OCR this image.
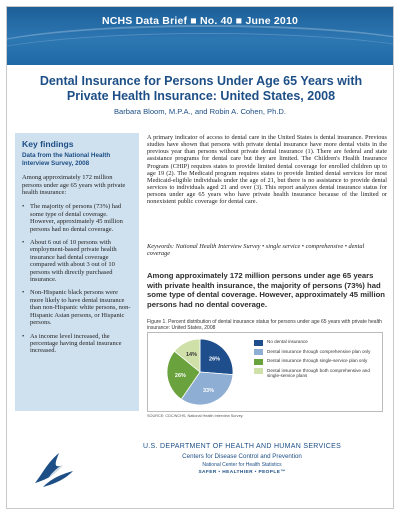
NCHS Data Brief ■ No. 40 ■ June 2010
Dental Insurance for Persons Under Age 65 Years with Private Health Insurance: United States, 2008
Barbara Bloom, M.P.A., and Robin A. Cohen, Ph.D.
Key findings
Data from the National Health Interview Survey, 2008
Among approximately 172 million persons under age 65 years with private health insurance:
• The majority of persons (73%) had some type of dental coverage. However, approximately 45 million persons had no dental coverage.
• About 6 out of 10 persons with employment-based private health insurance had dental coverage compared with about 3 out of 10 persons with directly purchased insurance.
• Non-Hispanic black persons were more likely to have dental insurance than non-Hispanic white persons, non-Hispanic Asian persons, or Hispanic persons.
• As income level increased, the percentage having dental insurance increased.
A primary indicator of access to dental care in the United States is dental insurance. Previous studies have shown that persons with private dental insurance have more dental visits in the previous year than persons without private dental insurance (1). There are federal and state assistance programs for dental care but they are limited. The Children's Health Insurance Program (CHIP) requires states to provide limited dental coverage for enrolled children up to age 19 (2). The Medicaid program requires states to provide limited dental services for most Medicaid-eligible individuals under the age of 21, but there is no assistance to provide dental services to individuals aged 21 and over (3). This report analyzes dental insurance status for persons under age 65 years who have private health insurance because of the limited or nonexistent public coverage for dental care.
Keywords: National Health Interview Survey • single service • comprehensive • dental coverage
Among approximately 172 million persons under age 65 years with private health insurance, the majority of persons (73%) had some type of dental coverage. However, approximately 45 million persons had no dental coverage.
Figure 1. Percent distribution of dental insurance status for persons under age 65 years with private health insurance: United States, 2008
26%
33%
26%
14%
No dental insurance
Dental insurance through comprehensive plan only
Dental insurance through single-service plan only
Dental insurance through both comprehensive and single-service plans
SOURCE: CDC/NCHS, National Health Interview Survey.
U.S. DEPARTMENT OF HEALTH AND HUMAN SERVICES
Centers for Disease Control and Prevention
National Center for Health Statistics
SAFER • HEALTHIER • PEOPLE™
